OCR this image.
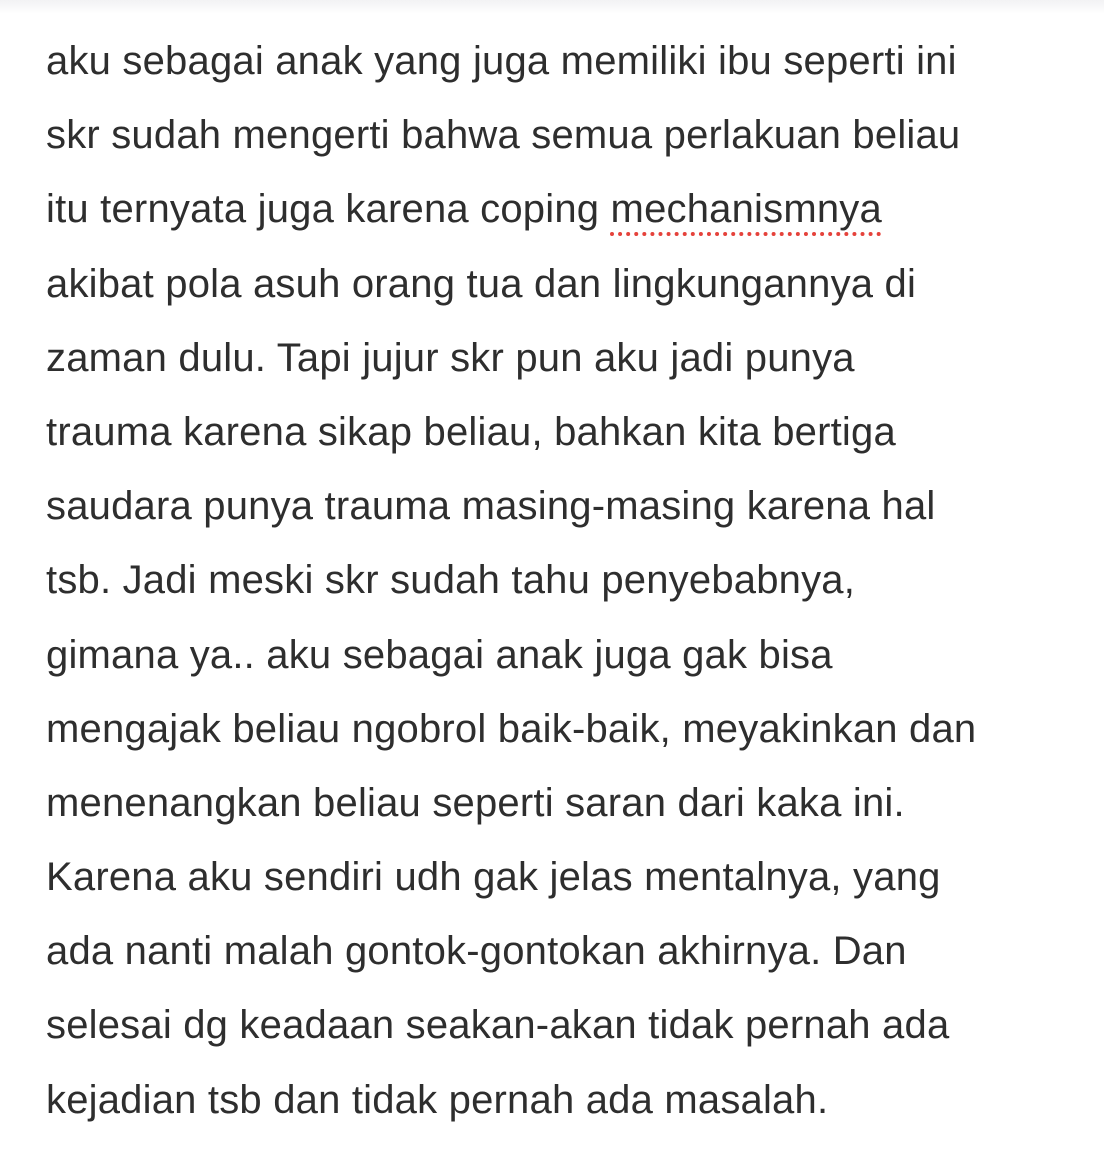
aku sebagai anak yang juga memiliki ibu seperti ini
skr sudah mengerti bahwa semua perlakuan beliau
itu ternyata juga karena coping mechanismnya
akibat pola asuh orang tua dan lingkungannya di
zaman dulu. Tapi jujur skr pun aku jadi punya
trauma karena sikap beliau, bahkan kita bertiga
saudara punya trauma masing-masing karena hal
tsb. Jadi meski skr sudah tahu penyebabnya,
gimana ya.. aku sebagai anak juga gak bisa
mengajak beliau ngobrol baik-baik, meyakinkan dan
menenangkan beliau seperti saran dari kaka ini.
Karena aku sendiri udh gak jelas mentalnya, yang
ada nanti malah gontok-gontokan akhirnya. Dan
selesai dg keadaan seakan-akan tidak pernah ada
kejadian tsb dan tidak pernah ada masalah.
